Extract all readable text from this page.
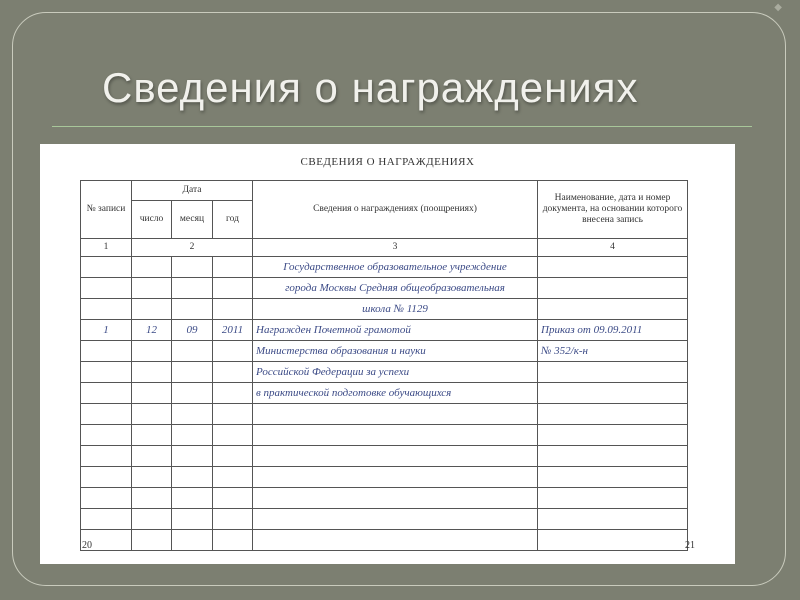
◆
Сведения о награждениях
СВЕДЕНИЯ О НАГРАЖДЕНИЯХ
№ записи	Дата			Сведения о награждениях (поощрениях)	Наименование, дата и номер документа, на основании которого внесена запись
	число	месяц	год		
1	2			3	4
				Государственное образовательное учреждение	
				города Москвы Средняя общеобразовательная	
				школа № 1129	
1	12	09	2011	Награжден Почетной грамотой	Приказ от 09.09.2011
				Министерства образования и науки	№ 352/к-н
				Российской Федерации за успехи	
				в практической подготовке обучающихся	

20	21
